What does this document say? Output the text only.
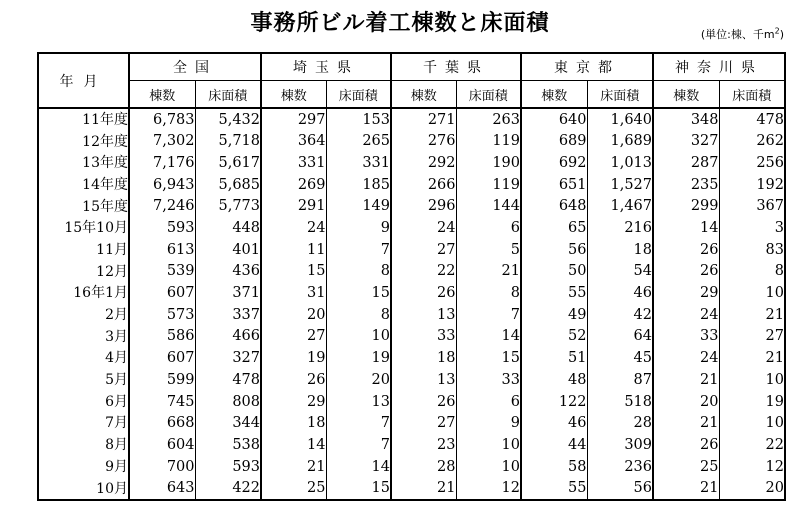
事務所ビル着工棟数と床面積	(単位:棟、千$m^2$)
年月	全国		埼玉県		千葉県		東京都		神奈川県	
	棟数	床面積	棟数	床面積	棟数	床面積	棟数	床面積	棟数	床面積
11年度	6,783	5,432	297	153	271	263	640	1,640	348	478
12年度	7,302	5,718	364	265	276	119	689	1,689	327	262
13年度	7,176	5,617	331	331	292	190	692	1,013	287	256
14年度	6,943	5,685	269	185	266	119	651	1,527	235	192
15年度	7,246	5,773	291	149	296	144	648	1,467	299	367
15年10月	593	448	24	9	24	6	65	216	14	3
11月	613	401	11	7	27	5	56	18	26	83
12月	539	436	15	8	22	21	50	54	26	8
16年1月	607	371	31	15	26	8	55	46	29	10
2月	573	337	20	8	13	7	49	42	24	21
3月	586	466	27	10	33	14	52	64	33	27
4月	607	327	19	19	18	15	51	45	24	21
5月	599	478	26	20	13	33	48	87	21	10
6月	745	808	29	13	26	6	122	518	20	19
7月	668	344	18	7	27	9	46	28	21	10
8月	604	538	14	7	23	10	44	309	26	22
9月	700	593	21	14	28	10	58	236	25	12
10月	643	422	25	15	21	12	55	56	21	20
